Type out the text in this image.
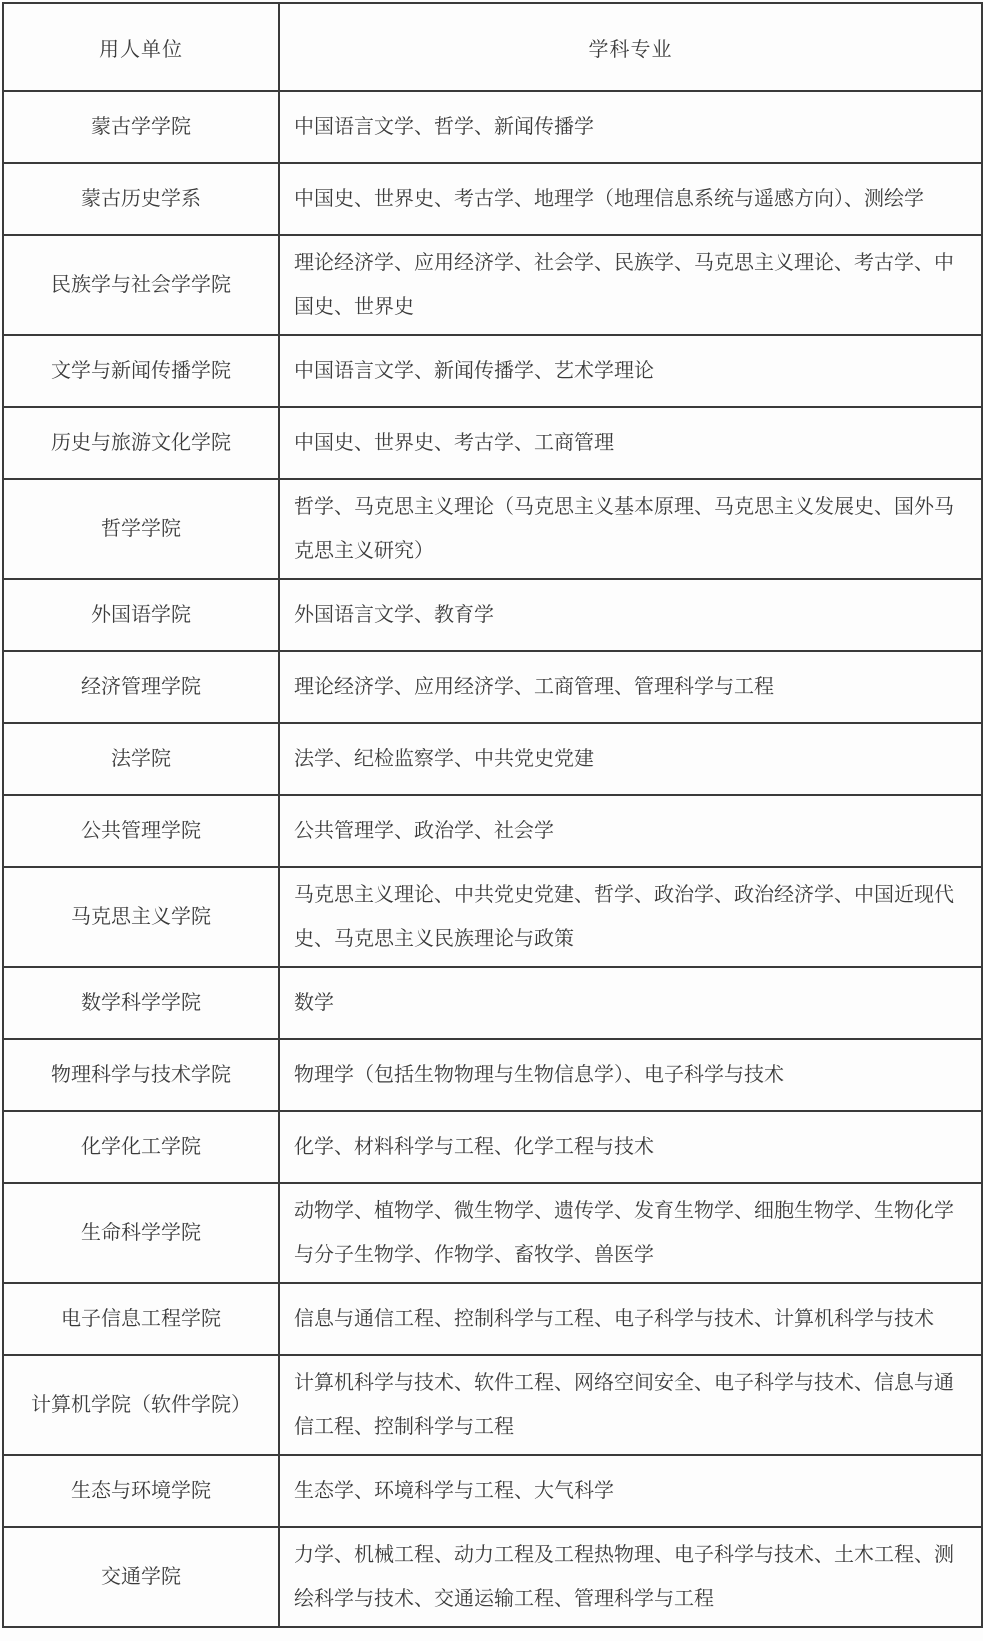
用人单位	学科专业
蒙古学学院	中国语言文学、哲学、新闻传播学
蒙古历史学系	中国史、世界史、考古学、地理学（地理信息系统与遥感方向）、测绘学
民族学与社会学学院	理论经济学、应用经济学、社会学、民族学、马克思主义理论、考古学、中国史、世界史
文学与新闻传播学院	中国语言文学、新闻传播学、艺术学理论
历史与旅游文化学院	中国史、世界史、考古学、工商管理
哲学学院	哲学、马克思主义理论（马克思主义基本原理、马克思主义发展史、国外马克思主义研究）
外国语学院	外国语言文学、教育学
经济管理学院	理论经济学、应用经济学、工商管理、管理科学与工程
法学院	法学、纪检监察学、中共党史党建
公共管理学院	公共管理学、政治学、社会学
马克思主义学院	马克思主义理论、中共党史党建、哲学、政治学、政治经济学、中国近现代史、马克思主义民族理论与政策
数学科学学院	数学
物理科学与技术学院	物理学（包括生物物理与生物信息学）、电子科学与技术
化学化工学院	化学、材料科学与工程、化学工程与技术
生命科学学院	动物学、植物学、微生物学、遗传学、发育生物学、细胞生物学、生物化学与分子生物学、作物学、畜牧学、兽医学
电子信息工程学院	信息与通信工程、控制科学与工程、电子科学与技术、计算机科学与技术
计算机学院（软件学院）	计算机科学与技术、软件工程、网络空间安全、电子科学与技术、信息与通信工程、控制科学与工程
生态与环境学院	生态学、环境科学与工程、大气科学
交通学院	力学、机械工程、动力工程及工程热物理、电子科学与技术、土木工程、测绘科学与技术、交通运输工程、管理科学与工程
